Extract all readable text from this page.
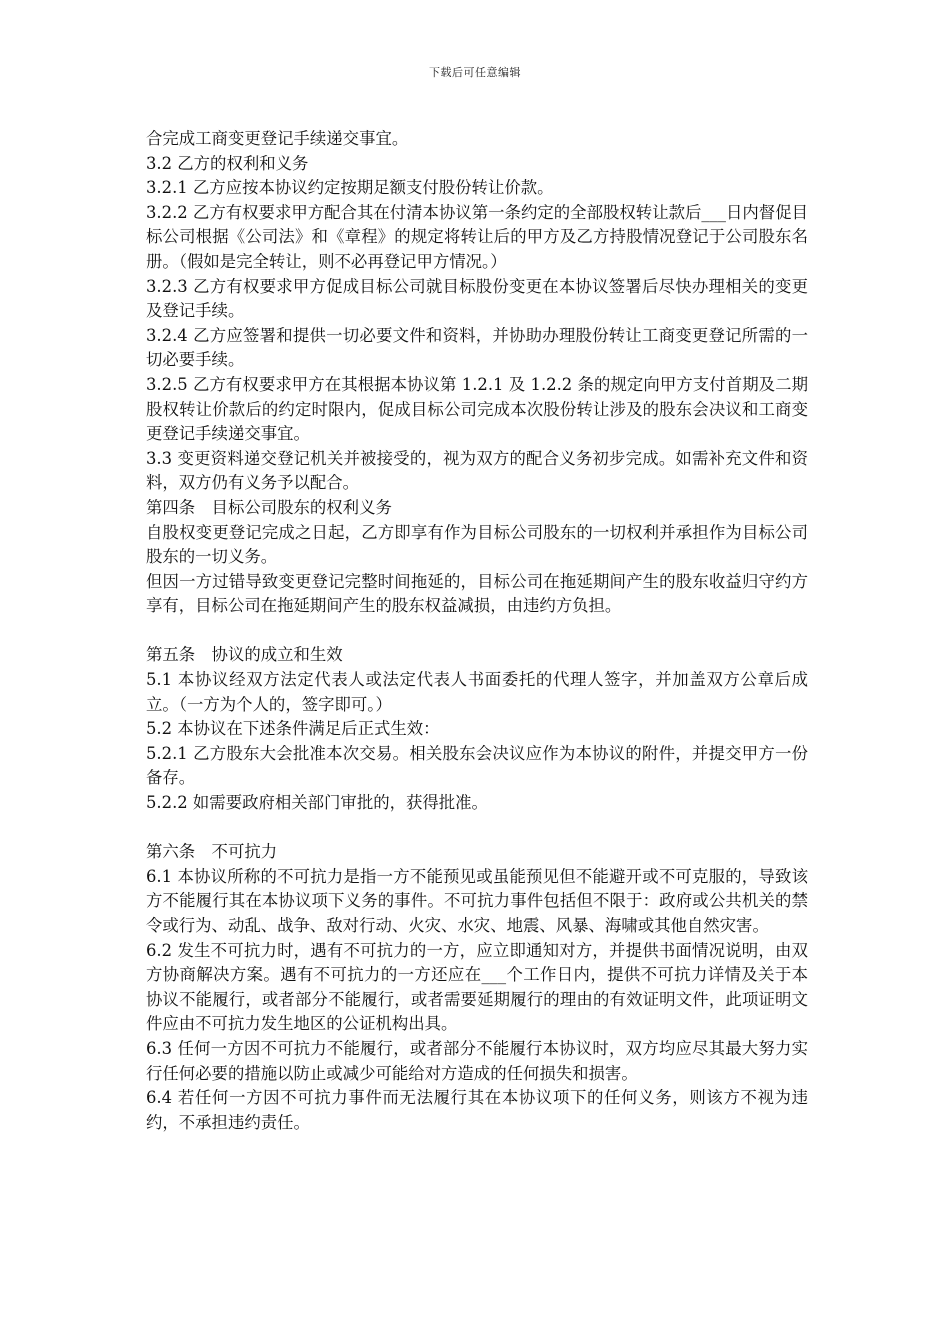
下载后可任意编辑

合完成工商变更登记手续递交事宜。

3.2 乙方的权利和义务

3.2.1 乙方应按本协议约定按期足额支付股份转让价款。

3.2.2 乙方有权要求甲方配合其在付清本协议第一条约定的全部股权转让款后___日内督促目标公司根据《公司法》和《章程》的规定将转让后的甲方及乙方持股情况登记于公司股东名册。（假如是完全转让，则不必再登记甲方情况。）

3.2.3 乙方有权要求甲方促成目标公司就目标股份变更在本协议签署后尽快办理相关的变更及登记手续。

3.2.4 乙方应签署和提供一切必要文件和资料，并协助办理股份转让工商变更登记所需的一切必要手续。

3.2.5 乙方有权要求甲方在其根据本协议第 1.2.1 及 1.2.2 条的规定向甲方支付首期及二期股权转让价款后的约定时限内，促成目标公司完成本次股份转让涉及的股东会决议和工商变更登记手续递交事宜。

3.3 变更资料递交登记机关并被接受的，视为双方的配合义务初步完成。如需补充文件和资料，双方仍有义务予以配合。

第四条　目标公司股东的权利义务

自股权变更登记完成之日起，乙方即享有作为目标公司股东的一切权利并承担作为目标公司股东的一切义务。

但因一方过错导致变更登记完整时间拖延的，目标公司在拖延期间产生的股东收益归守约方享有，目标公司在拖延期间产生的股东权益减损，由违约方负担。

第五条　协议的成立和生效

5.1 本协议经双方法定代表人或法定代表人书面委托的代理人签字，并加盖双方公章后成立。（一方为个人的，签字即可。）

5.2 本协议在下述条件满足后正式生效：

5.2.1 乙方股东大会批准本次交易。相关股东会决议应作为本协议的附件，并提交甲方一份备存。

5.2.2 如需要政府相关部门审批的，获得批准。

第六条　不可抗力

6.1 本协议所称的不可抗力是指一方不能预见或虽能预见但不能避开或不可克服的，导致该方不能履行其在本协议项下义务的事件。不可抗力事件包括但不限于：政府或公共机关的禁令或行为、动乱、战争、敌对行动、火灾、水灾、地震、风暴、海啸或其他自然灾害。

6.2 发生不可抗力时，遇有不可抗力的一方，应立即通知对方，并提供书面情况说明，由双方协商解决方案。遇有不可抗力的一方还应在___个工作日内，提供不可抗力详情及关于本协议不能履行，或者部分不能履行，或者需要延期履行的理由的有效证明文件，此项证明文件应由不可抗力发生地区的公证机构出具。

6.3 任何一方因不可抗力不能履行，或者部分不能履行本协议时，双方均应尽其最大努力实行任何必要的措施以防止或减少可能给对方造成的任何损失和损害。

6.4 若任何一方因不可抗力事件而无法履行其在本协议项下的任何义务，则该方不视为违约，不承担违约责任。
